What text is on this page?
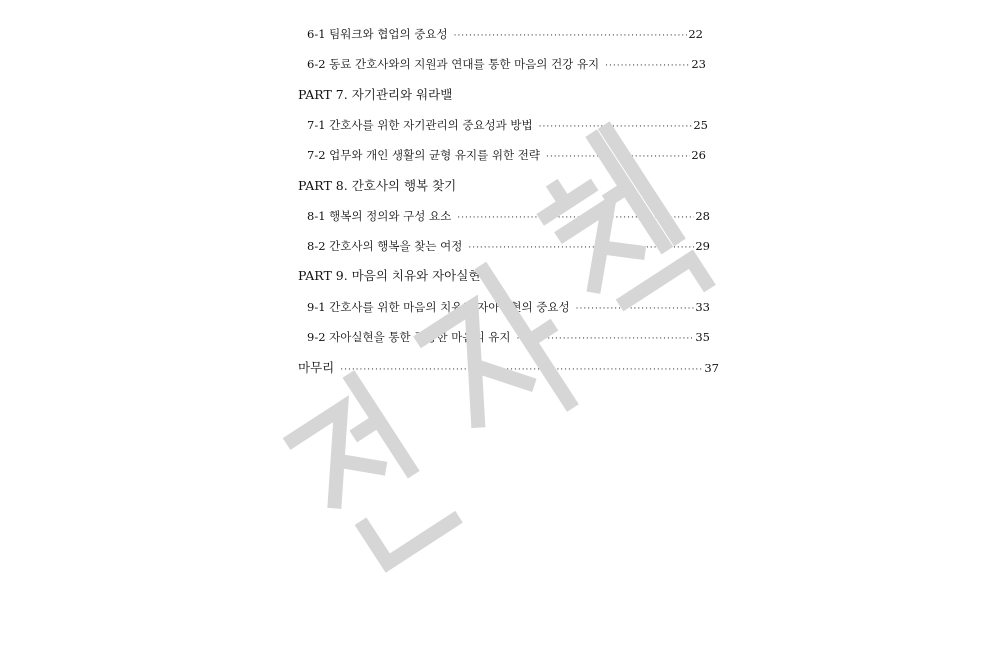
6-1 팀워크와 협업의 중요성 ·····	22
6-2 동료 간호사와의 지원과 연대를 통한 마음의 건강 유지 ·····	23
PART 7. 자기관리와 워라밸
7-1 간호사를 위한 자기관리의 중요성과 방법 ·····	25
7-2 업무와 개인 생활의 균형 유지를 위한 전략 ·····	26
PART 8. 간호사의 행복 찾기
8-1 행복의 정의와 구성 요소 ·····	28
8-2 간호사의 행복을 찾는 여정 ·····	29
PART 9. 마음의 치유와 자아실현
9-1 간호사를 위한 마음의 치유와 자아실현의 중요성 ·····	33
9-2 자아실현을 통한 건강한 마음의 유지 ·····	35
마무리 ·····	37
